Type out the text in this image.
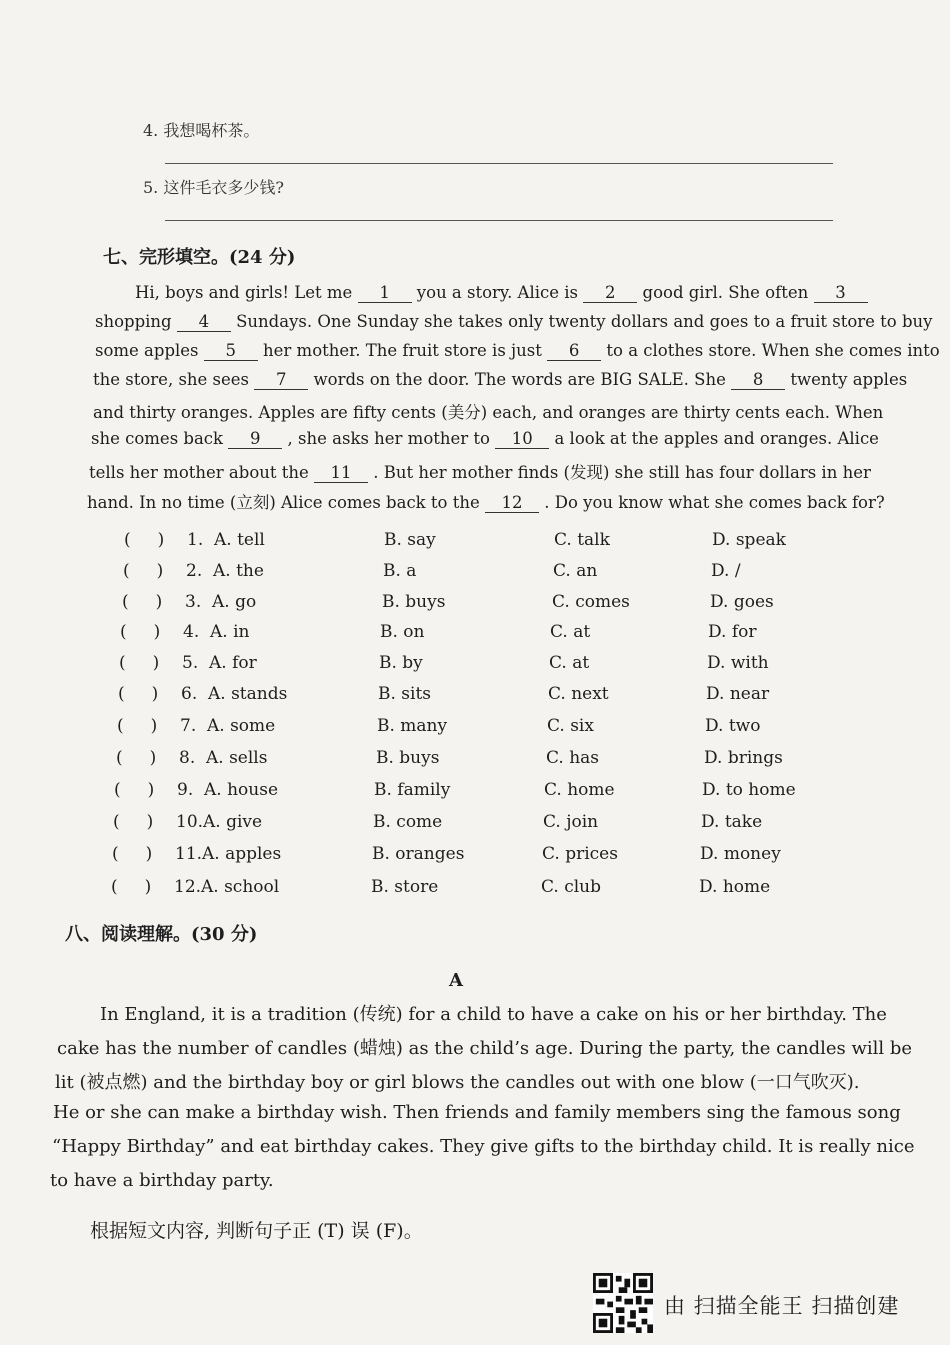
4. 我想喝杯茶。
5. 这件毛衣多少钱?
七、完形填空。(24 分)

Hi, boys and girls! Let me 1 you a story. Alice is 2 good girl. She often 3

shopping 4 Sundays. One Sunday she takes only twenty dollars and goes to a fruit store to buy

some apples 5 her mother. The fruit store is just 6 to a clothes store. When she comes into

the store, she sees 7 words on the door. The words are BIG SALE. She 8 twenty apples

and thirty oranges. Apples are fifty cents (美分) each, and oranges are thirty cents each. When

she comes back 9 , she asks her mother to 10 a look at the apples and oranges. Alice

tells her mother about the 11 . But her mother finds (发现) she still has four dollars in her

hand. In no time (立刻) Alice comes back to the 12 . Do you know what she comes back for?

(     ) 1. A. tell	B. say	C. talk	D. speak
(     ) 2. A. the	B. a	C. an	D. /
(     ) 3. A. go	B. buys	C. comes	D. goes
(     ) 4. A. in	B. on	C. at	D. for
(     ) 5. A. for	B. by	C. at	D. with
(     ) 6. A. stands	B. sits	C. next	D. near
(     ) 7. A. some	B. many	C. six	D. two
(     ) 8. A. sells	B. buys	C. has	D. brings
(     ) 9. A. house	B. family	C. home	D. to home
(     ) 10. A. give	B. come	C. join	D. take
(     ) 11. A. apples	B. oranges	C. prices	D. money
(     ) 12. A. school	B. store	C. club	D. home
八、阅读理解。(30 分)
A

In England, it is a tradition (传统) for a child to have a cake on his or her birthday. The

cake has the number of candles (蜡烛) as the child’s age. During the party, the candles will be

lit (被点燃) and the birthday boy or girl blows the candles out with one blow (一口气吹灭).

He or she can make a birthday wish. Then friends and family members sing the famous song

“Happy Birthday” and eat birthday cakes. They give gifts to the birthday child. It is really nice

to have a birthday party.

根据短文内容, 判断句子正 (T) 误 (F)。
由 扫描全能王 扫描创建
